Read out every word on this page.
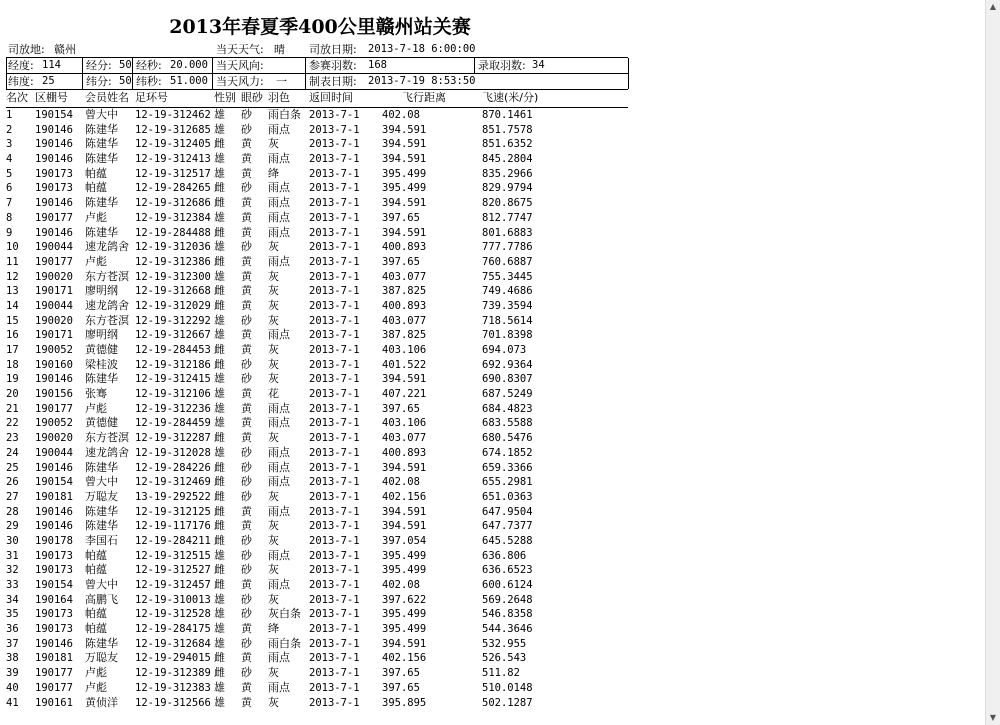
2013年春夏季400公里赣州站关赛
司放地: 赣州	当天天气: 晴 司放日期: 2013-7-18 6:00:00
经度: 114 经分: 50 经秒: 20.000 当天风向:	参赛羽数: 168	录取羽数: 34
纬度: 25	纬分: 50 纬秒: 51.000 当天风力: 一 制表日期: 2013-7-19 8:53:50
名次 区棚号	会员姓名 足环号	性别 眼砂 羽色	返回时间	飞行距离	飞速(米/分)
1	190154	曾大中	12-19-312462 雄	砂	雨白条 2013-7-1	402.08	870.1461
2	190146	陈建华	12-19-312685 雄	砂	雨点	2013-7-1	394.591	851.7578
3	190146	陈建华	12-19-312405 雌	黄	灰	2013-7-1	394.591	851.6352
4	190146	陈建华	12-19-312413 雄	黄	雨点	2013-7-1	394.591	845.2804
5	190173	帕蕴	12-19-312517 雄	黄	绛	2013-7-1	395.499	835.2966
6	190173	帕蕴	12-19-284265 雌	砂	雨点	2013-7-1	395.499	829.9794
7	190146	陈建华	12-19-312686 雌	黄	雨点	2013-7-1	394.591	820.8675
8	190177	卢彪	12-19-312384 雄	黄	雨点	2013-7-1	397.65	812.7747
9	190146	陈建华	12-19-284488 雌	黄	雨点	2013-7-1	394.591	801.6883
10	190044	速龙鸽舍 12-19-312036 雄	砂	灰	2013-7-1	400.893	777.7786
11	190177	卢彪	12-19-312386 雌	黄	雨点	2013-7-1	397.65	760.6887
12	190020	东方苍溟 12-19-312300 雄	黄	灰	2013-7-1	403.077	755.3445
13	190171	廖明纲	12-19-312668 雌	黄	灰	2013-7-1	387.825	749.4686
14	190044	速龙鸽舍 12-19-312029 雌	黄	灰	2013-7-1	400.893	739.3594
15	190020	东方苍溟 12-19-312292 雄	砂	灰	2013-7-1	403.077	718.5614
16	190171	廖明纲	12-19-312667 雄	黄	雨点	2013-7-1	387.825	701.8398
17	190052	黄德健	12-19-284453 雌	黄	灰	2013-7-1	403.106	694.073
18	190160	梁桂波	12-19-312186 雌	砂	灰	2013-7-1	401.522	692.9364
19	190146	陈建华	12-19-312415 雄	砂	灰	2013-7-1	394.591	690.8307
20	190156	张骞	12-19-312106 雄	黄	花	2013-7-1	407.221	687.5249
21	190177	卢彪	12-19-312236 雄	黄	雨点	2013-7-1	397.65	684.4823
22	190052	黄德健	12-19-284459 雄	黄	雨点	2013-7-1	403.106	683.5588
23	190020	东方苍溟 12-19-312287 雌	黄	灰	2013-7-1	403.077	680.5476
24	190044	速龙鸽舍 12-19-312028 雄	砂	雨点	2013-7-1	400.893	674.1852
25	190146	陈建华	12-19-284226 雌	砂	雨点	2013-7-1	394.591	659.3366
26	190154	曾大中	12-19-312469 雌	砂	雨点	2013-7-1	402.08	655.2981
27	190181	万聪友	13-19-292522 雌	砂	灰	2013-7-1	402.156	651.0363
28	190146	陈建华	12-19-312125 雌	黄	雨点	2013-7-1	394.591	647.9504
29	190146	陈建华	12-19-117176 雌	黄	灰	2013-7-1	394.591	647.7377
30	190178	李国石	12-19-284211 雌	砂	灰	2013-7-1	397.054	645.5288
31	190173	帕蕴	12-19-312515 雄	砂	雨点	2013-7-1	395.499	636.806
32	190173	帕蕴	12-19-312527 雌	砂	灰	2013-7-1	395.499	636.6523
33	190154	曾大中	12-19-312457 雌	黄	雨点	2013-7-1	402.08	600.6124
34	190164	高鹏飞	12-19-310013 雄	砂	灰	2013-7-1	397.622	569.2648
35	190173	帕蕴	12-19-312528 雄	砂	灰白条 2013-7-1	395.499	546.8358
36	190173	帕蕴	12-19-284175 雄	黄	绛	2013-7-1	395.499	544.3646
37	190146	陈建华	12-19-312684 雄	砂	雨白条 2013-7-1	394.591	532.955
38	190181	万聪友	12-19-294015 雌	黄	雨点	2013-7-1	402.156	526.543
39	190177	卢彪	12-19-312389 雌	砂	灰	2013-7-1	397.65	511.82
40	190177	卢彪	12-19-312383 雄	黄	雨点	2013-7-1	397.65	510.0148
41	190161	黄侦洋	12-19-312566 雄	黄	灰	2013-7-1	395.895	502.1287
▲
▼
